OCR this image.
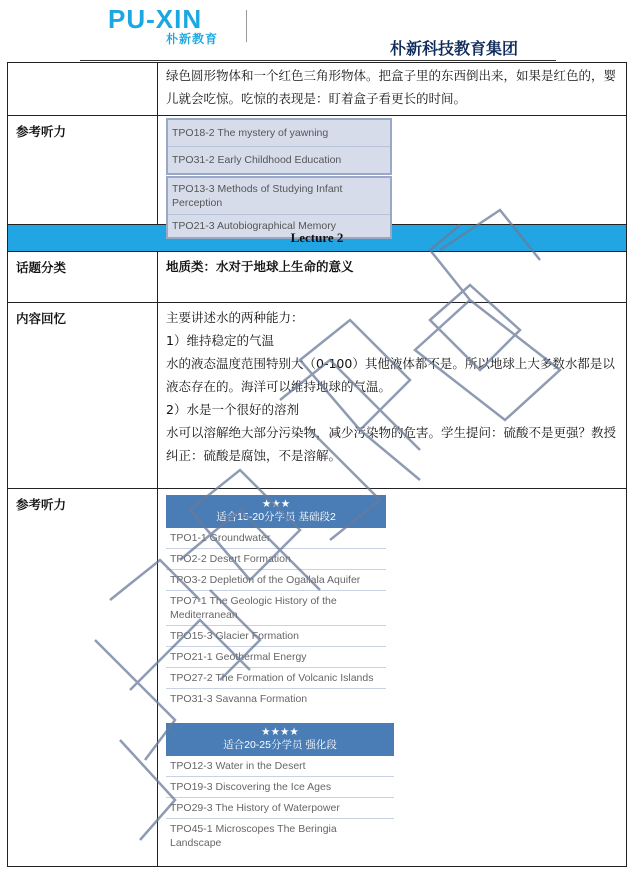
PU-XIN
朴新教育	朴新科技教育集团
绿色圆形物体和一个红色三角形物体。把盒子里的东西倒出来，如果是红色的，婴儿就会吃惊。吃惊的表现是：盯着盒子看更长的时间。
参考听力	TPO18-2 The mystery of yawning
TPO31-2 Early Childhood Education
TPO13-3 Methods of Studying Infant Perception
TPO21-3 Autobiographical Memory
话题分类	地质类：水对于地球上生命的意义
内容回忆	主要讲述水的两种能力：
1）维持稳定的气温
水的液态温度范围特别大（0-100）其他液体都不是。所以地球上大多数水都是以液态存在的。海洋可以维持地球的气温。
2）水是一个很好的溶剂
水可以溶解绝大部分污染物，减少污染物的危害。学生提问：硫酸不是更强？教授纠正：硫酸是腐蚀，不是溶解。
参考听力	★★★
适合15-20分学员 基础段2
TPO1-1 Groundwater
TPO2-2 Desert Formation
TPO3-2 Depletion of the Ogallala Aquifer
TPO7-1 The Geologic History of the Mediterranean
TPO15-3 Glacier Formation
TPO21-1 Geothermal Energy
TPO27-2 The Formation of Volcanic Islands
TPO31-3 Savanna Formation
★★★★
适合20-25分学员 强化段
TPO12-3 Water in the Desert
TPO19-3 Discovering the Ice Ages
TPO29-3 The History of Waterpower
TPO45-1 Microscopes The Beringia Landscape
